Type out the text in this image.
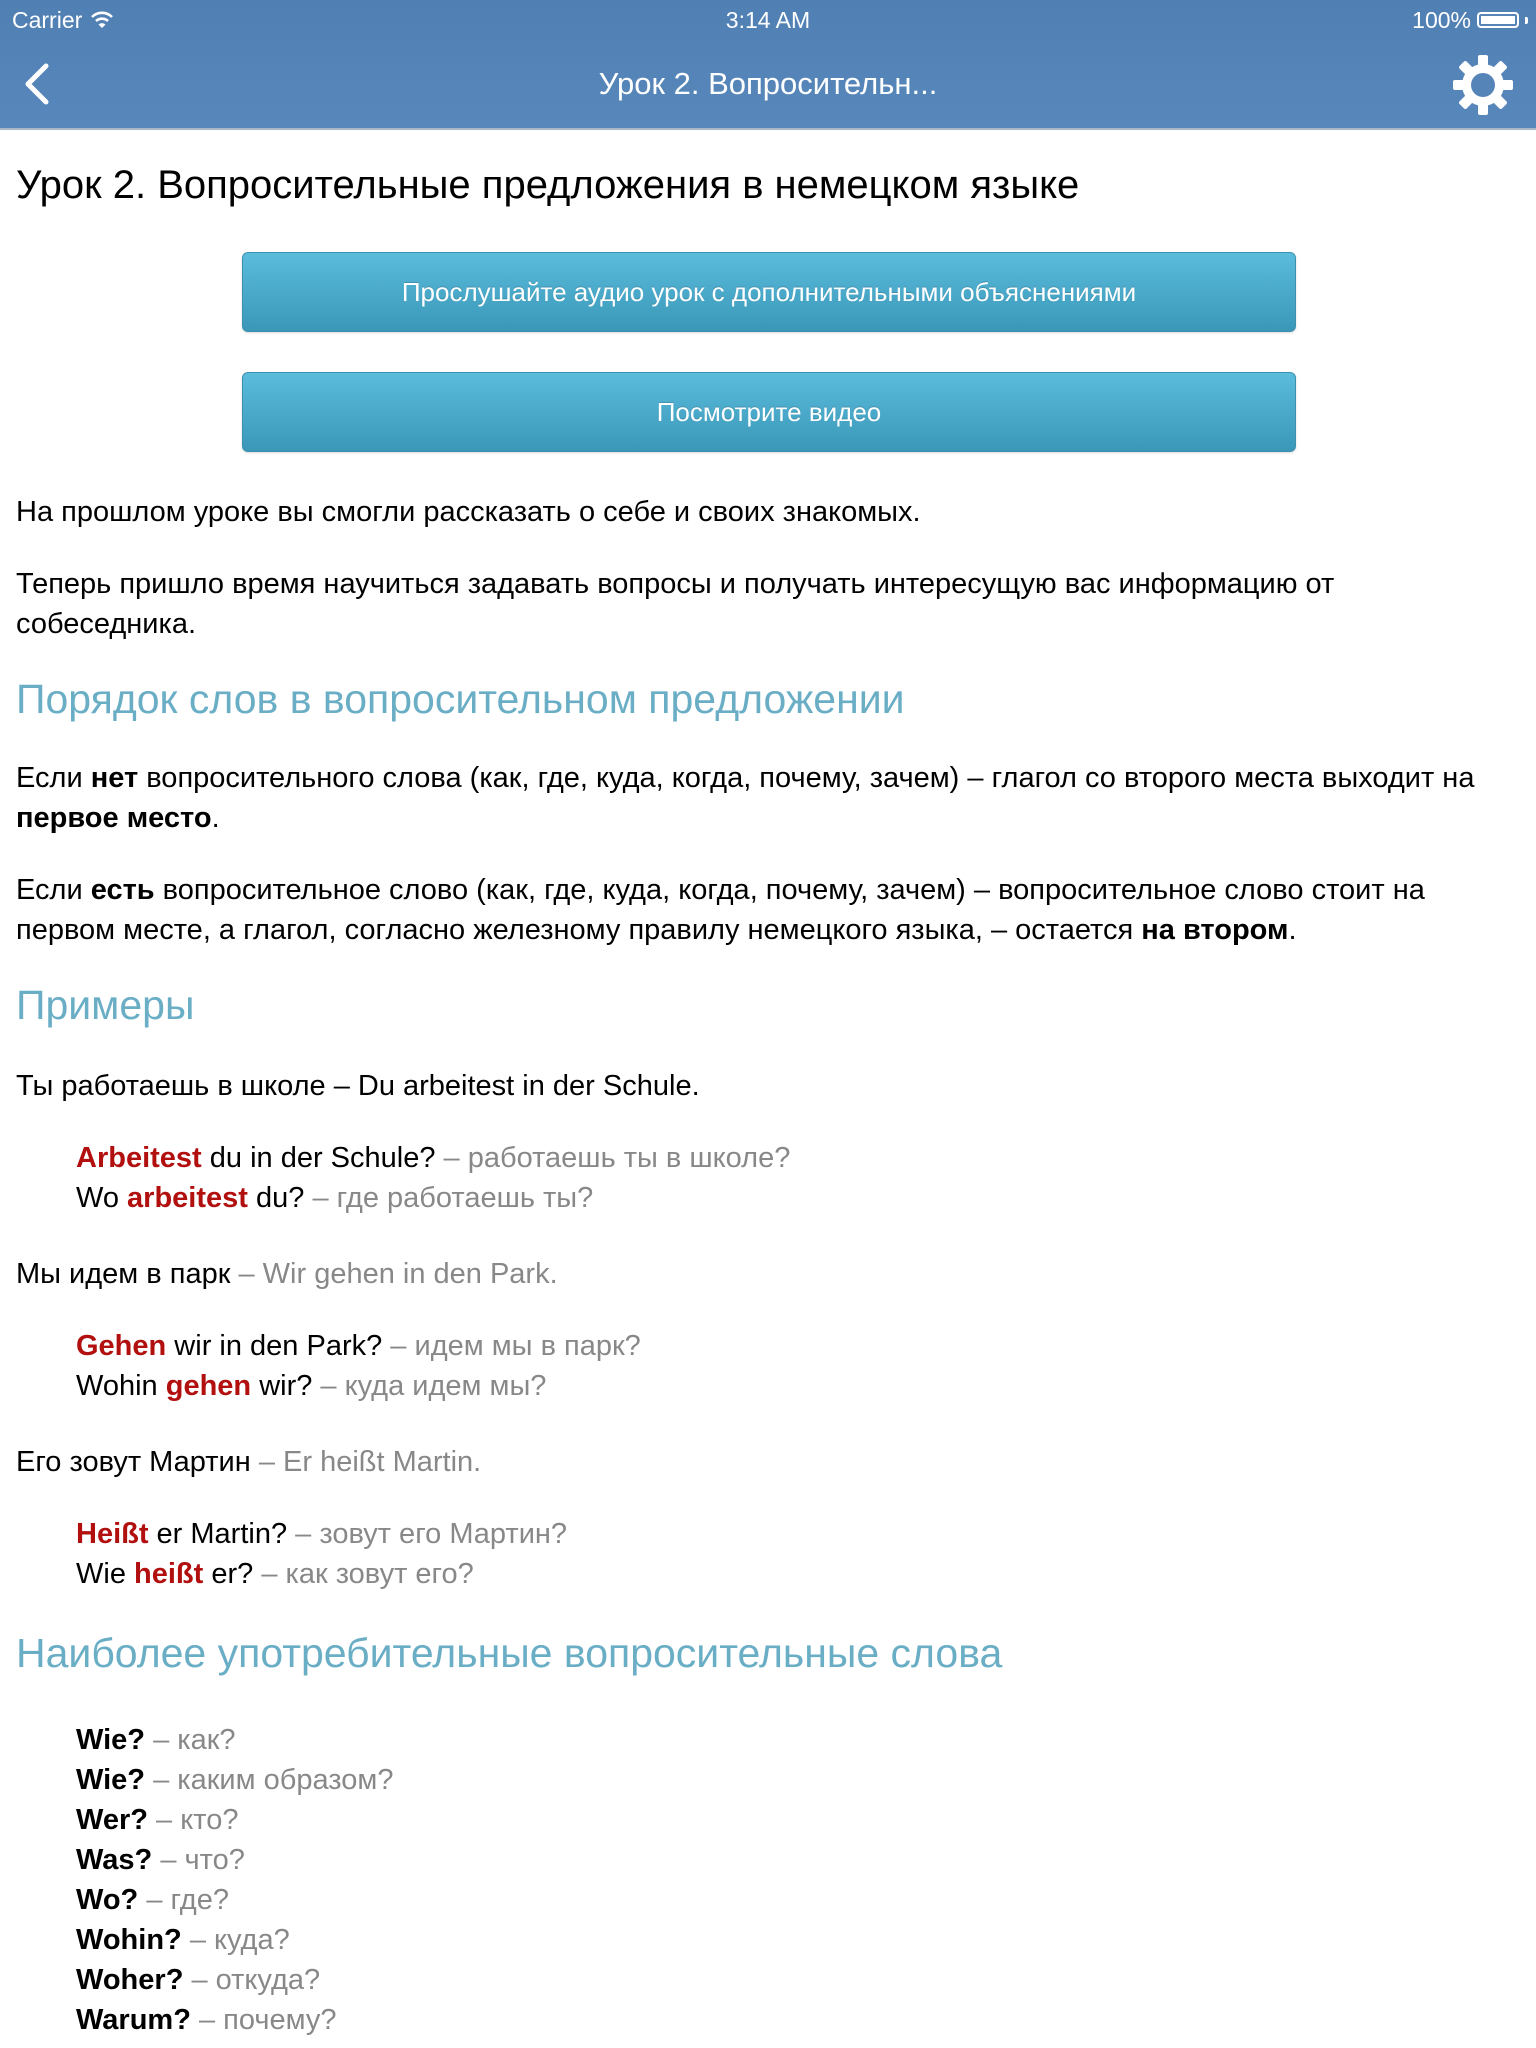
Carrier	3:14 AM	100%
Урок 2. Вопросительн...
Урок 2. Вопросительные предложения в немецком языке
Прослушайте аудио урок с дополнительными объяснениями
Посмотрите видео

На прошлом уроке вы смогли рассказать о себе и своих знакомых.

Теперь пришло время научиться задавать вопросы и получать интересущую вас информацию от собеседника.

Порядок слов в вопросительном предложении

Если нет вопросительного слова (как, где, куда, когда, почему, зачем) – глагол со второго места выходит на первое место.

Если есть вопросительное слово (как, где, куда, когда, почему, зачем) – вопросительное слово стоит на первом месте, а глагол, согласно железному правилу немецкого языка, – остается на втором.

Примеры

Ты работаешь в школе – Du arbeitest in der Schule.

Arbeitest du in der Schule? – работаешь ты в школе?

Wo arbeitest du? – где работаешь ты?

Мы идем в парк – Wir gehen in den Park.

Gehen wir in den Park? – идем мы в парк?

Wohin gehen wir? – куда идем мы?

Его зовут Мартин – Er heißt Martin.

Heißt er Martin? – зовут его Мартин?

Wie heißt er? – как зовут его?

Наиболее употребительные вопросительные слова
Wie? – как?
Wie? – каким образом?
Wer? – кто?
Was? – что?
Wo? – где?
Wohin? – куда?
Woher? – откуда?
Warum? – почему?
